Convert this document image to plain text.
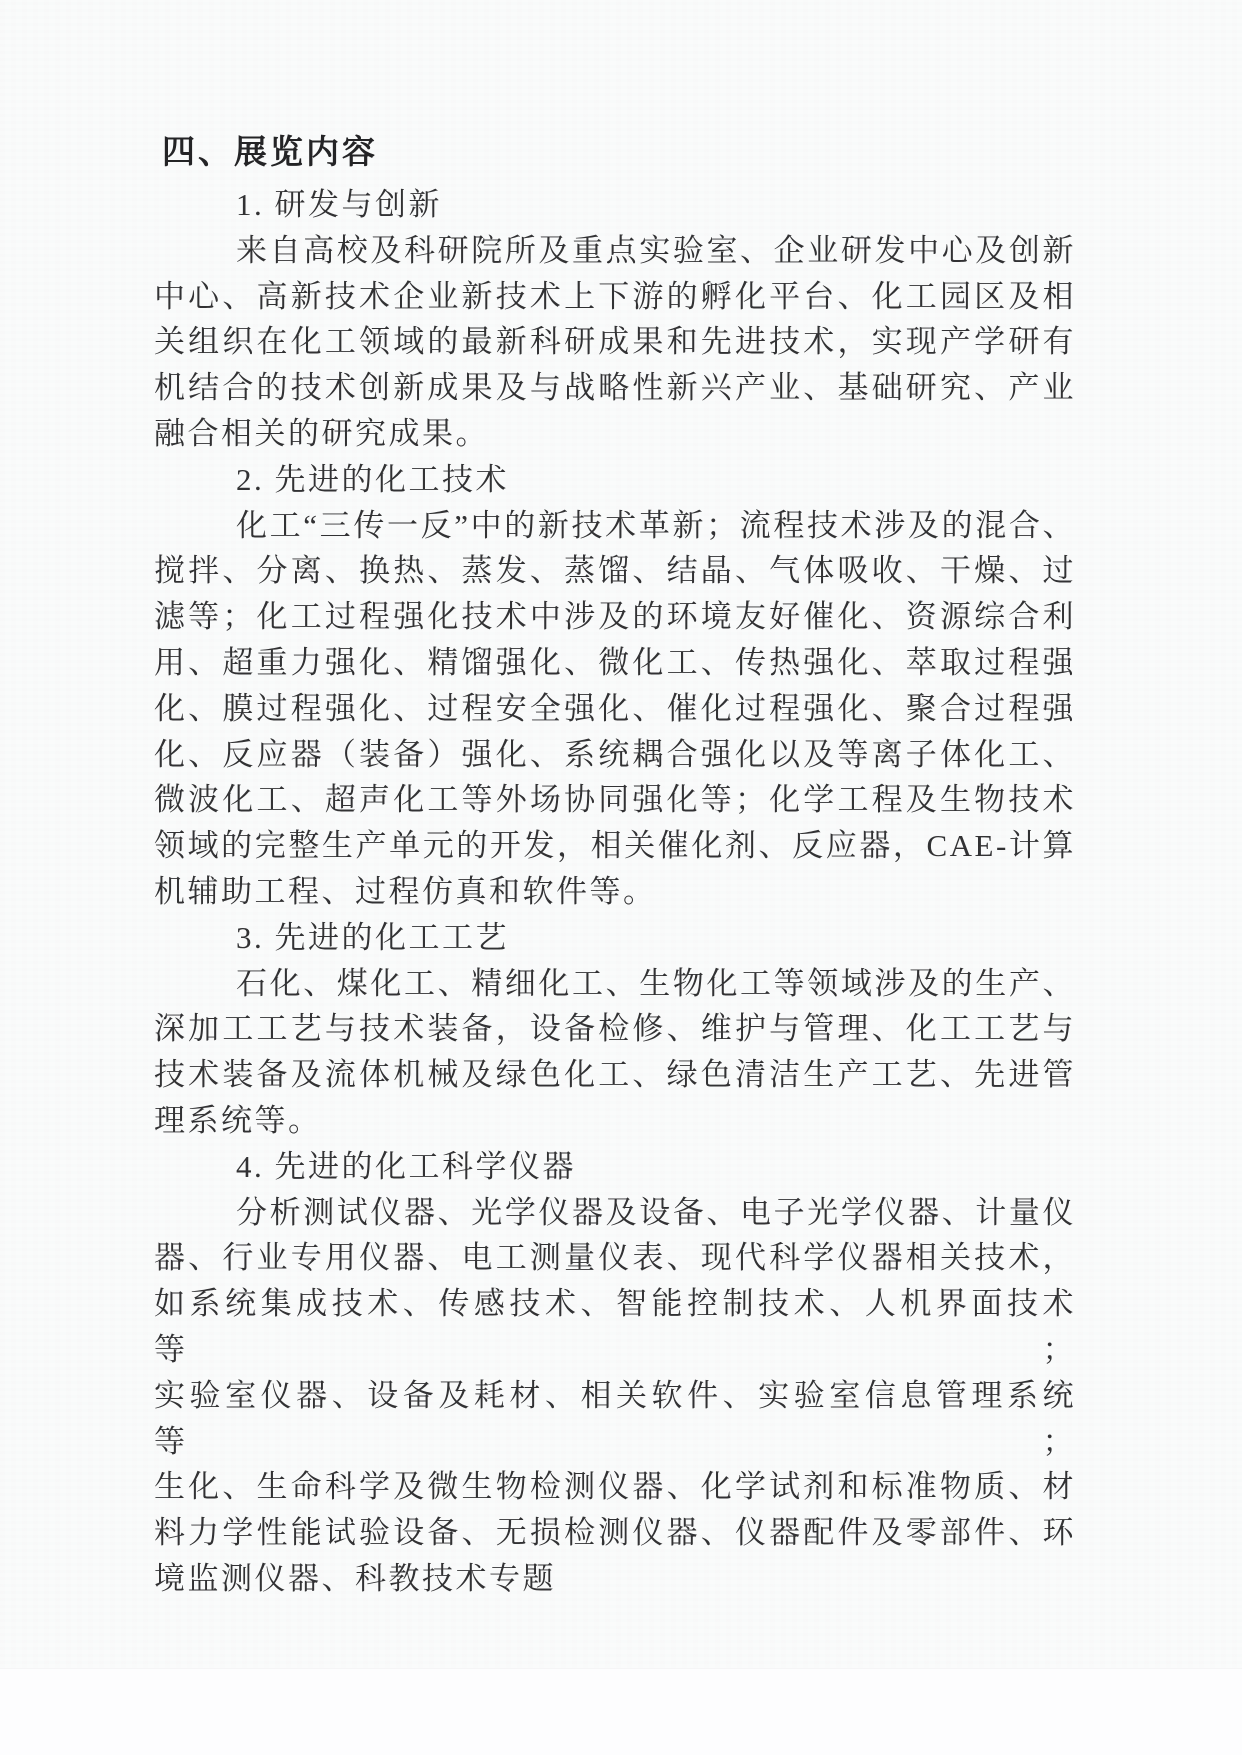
四、展览内容
1. 研发与创新
来自高校及科研院所及重点实验室、企业研发中心及创新
中心、高新技术企业新技术上下游的孵化平台、化工园区及相
关组织在化工领域的最新科研成果和先进技术，实现产学研有
机结合的技术创新成果及与战略性新兴产业、基础研究、产业
融合相关的研究成果。
2. 先进的化工技术
化工“三传一反”中的新技术革新；流程技术涉及的混合、
搅拌、分离、换热、蒸发、蒸馏、结晶、气体吸收、干燥、过
滤等；化工过程强化技术中涉及的环境友好催化、资源综合利
用、超重力强化、精馏强化、微化工、传热强化、萃取过程强
化、膜过程强化、过程安全强化、催化过程强化、聚合过程强
化、反应器（装备）强化、系统耦合强化以及等离子体化工、
微波化工、超声化工等外场协同强化等；化学工程及生物技术
领域的完整生产单元的开发，相关催化剂、反应器，CAE-计算
机辅助工程、过程仿真和软件等。
3. 先进的化工工艺
石化、煤化工、精细化工、生物化工等领域涉及的生产、
深加工工艺与技术装备，设备检修、维护与管理、化工工艺与
技术装备及流体机械及绿色化工、绿色清洁生产工艺、先进管
理系统等。
4. 先进的化工科学仪器
分析测试仪器、光学仪器及设备、电子光学仪器、计量仪
器、行业专用仪器、电工测量仪表、现代科学仪器相关技术，
如系统集成技术、传感技术、智能控制技术、人机界面技术等；
实验室仪器、设备及耗材、相关软件、实验室信息管理系统等；
生化、生命科学及微生物检测仪器、化学试剂和标准物质、材
料力学性能试验设备、无损检测仪器、仪器配件及零部件、环
境监测仪器、科教技术专题
